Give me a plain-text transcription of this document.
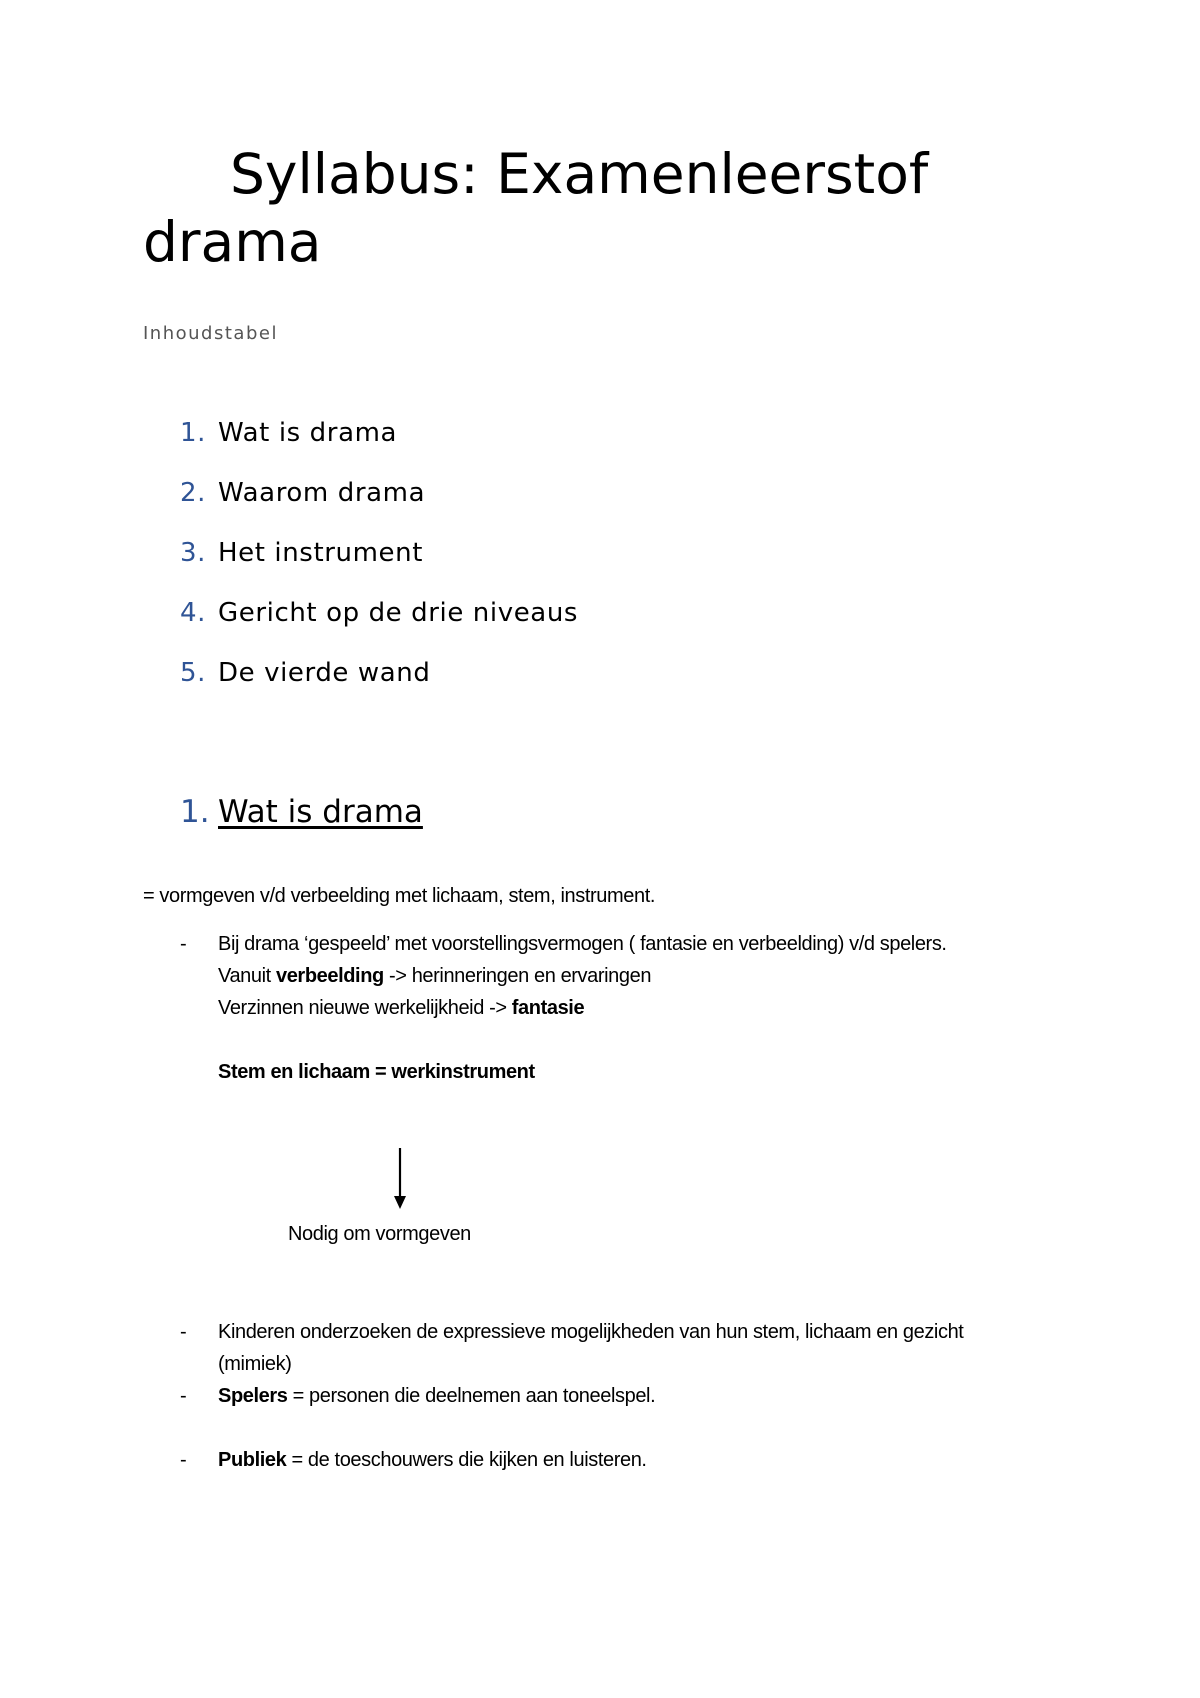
Syllabus: Examenleerstof
drama
Inhoudstabel
1. Wat is drama
2. Waarom drama
3. Het instrument
4. Gericht op de drie niveaus
5. De vierde wand
1. Wat is drama
= vormgeven v/d verbeelding met lichaam, stem, instrument.
- Bij drama ‘gespeeld’ met voorstellingsvermogen ( fantasie en verbeelding) v/d spelers.
Vanuit verbeelding -> herinneringen en ervaringen
Verzinnen nieuwe werkelijkheid -> fantasie
Stem en lichaam = werkinstrument
Nodig om vormgeven
- Kinderen onderzoeken de expressieve mogelijkheden van hun stem, lichaam en gezicht (mimiek)
- Spelers = personen die deelnemen aan toneelspel.
- Publiek = de toeschouwers die kijken en luisteren.
